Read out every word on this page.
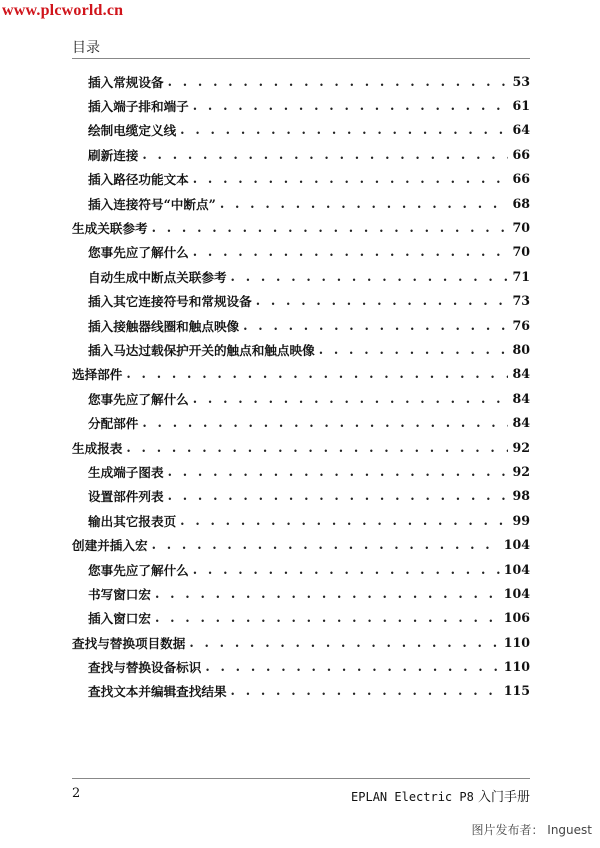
www.plcworld.cn
目录
插入常规设备 . . .	53
插入端子排和端子 . . .	61
绘制电缆定义线 . . .	64
刷新连接 . . .	66
插入路径功能文本 . . .	66
插入连接符号“中断点” . . .	68
生成关联参考 . . .	70
您事先应了解什么 . . .	70
自动生成中断点关联参考 . . .	71
插入其它连接符号和常规设备 . . .	73
插入接触器线圈和触点映像 . . .	76
插入马达过载保护开关的触点和触点映像 . . .	80
选择部件 . . .	84
您事先应了解什么 . . .	84
分配部件 . . .	84
生成报表 . . .	92
生成端子图表 . . .	92
设置部件列表 . . .	98
输出其它报表页 . . .	99
创建并插入宏 . . .	104
您事先应了解什么 . . .	104
书写窗口宏 . . .	104
插入窗口宏 . . .	106
查找与替换项目数据 . . .	110
查找与替换设备标识 . . .	110
查找文本并编辑查找结果 . . .	115
2	EPLAN Electric P8 入门手册
图片发布者： Inguest
